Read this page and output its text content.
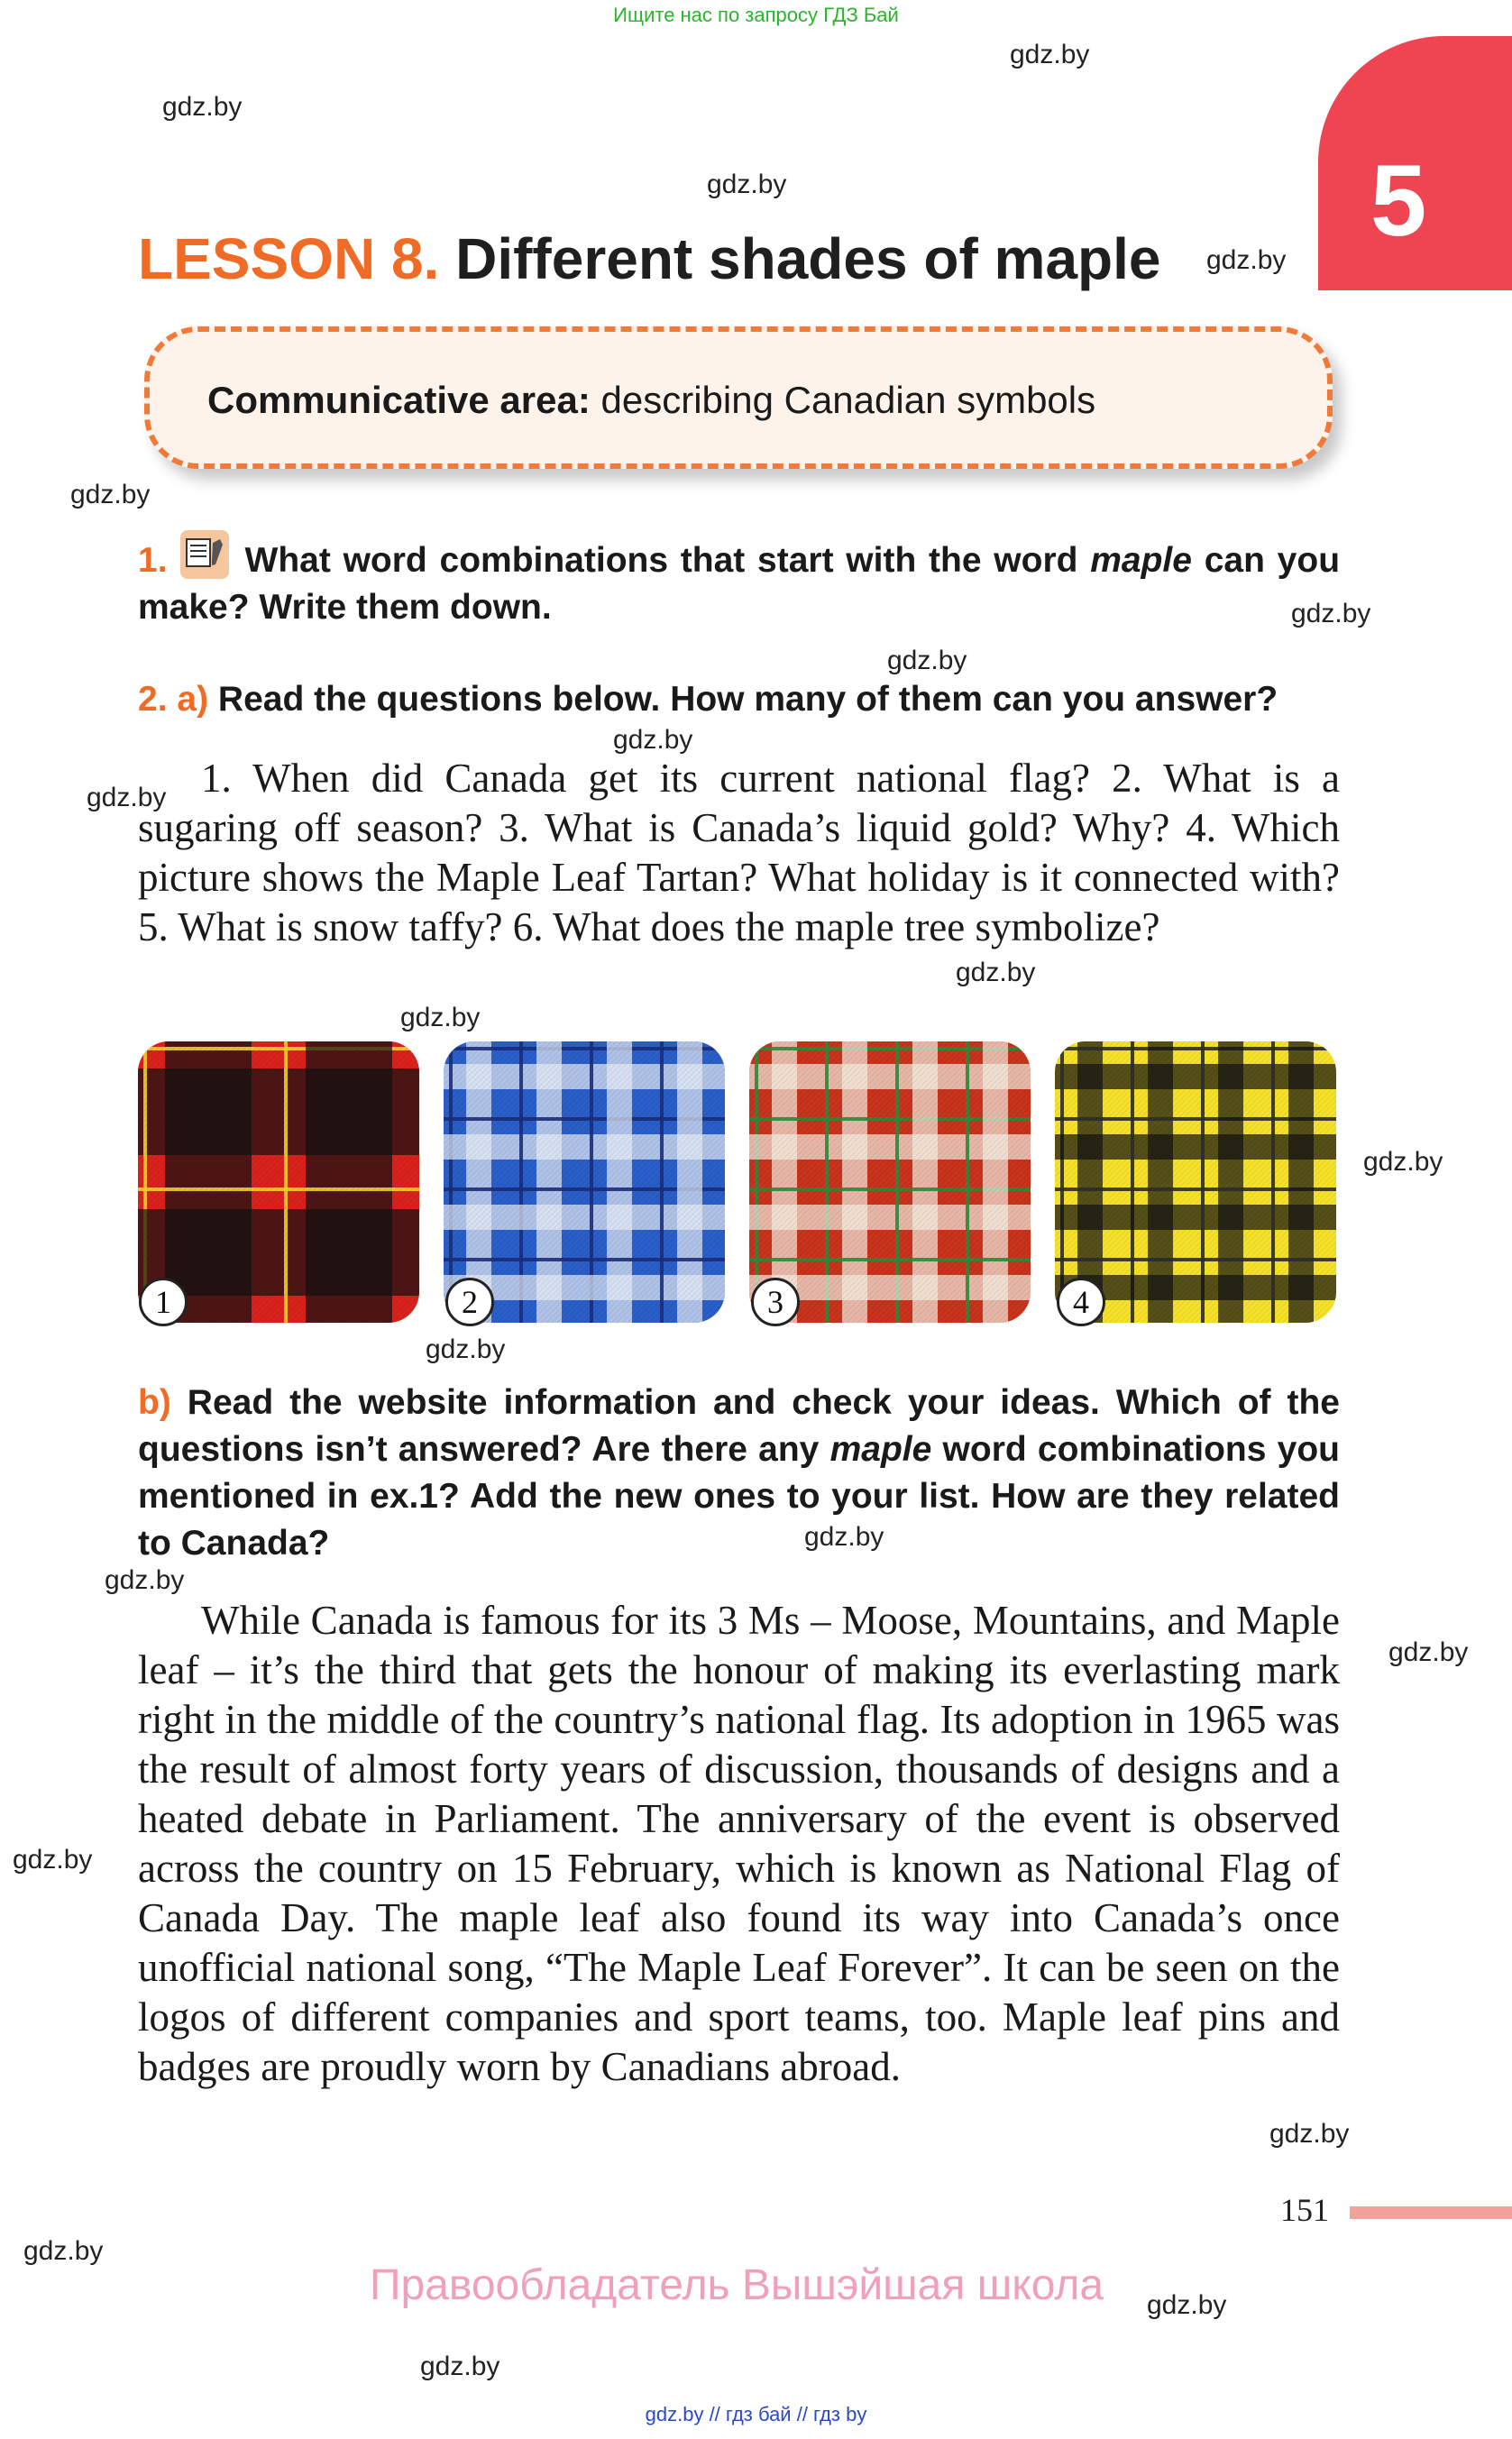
Ищите нас по запросу ГДЗ Бай
5
gdz.by
gdz.by
gdz.by
gdz.by
gdz.by
gdz.by
gdz.by
gdz.by
gdz.by
gdz.by
gdz.by
gdz.by
gdz.by
gdz.by
gdz.by
gdz.by
gdz.by
gdz.by
gdz.by
gdz.by
gdz.by
LESSON 8. Different shades of maple
Communicative area: describing Canadian symbols
1. What word combinations that start with the word maple can you make? Write them down.
2. a) Read the questions below. How many of them can you answer?
1. When did Canada get its current national flag? 2. What is a sugaring off season? 3. What is Canada’s liquid gold? Why? 4. Which picture shows the Maple Leaf Tartan? What holiday is it connected with? 5. What is snow taffy? 6. What does the maple tree symbolize?
1	2	3	4
b) Read the website information and check your ideas. Which of the questions isn’t answered? Are there any maple word combinations you mentioned in ex.1? Add the new ones to your list. How are they related to Canada?
While Canada is famous for its 3 Ms – Moose, Mountains, and Maple leaf – it’s the third that gets the honour of making its everlasting mark right in the middle of the country’s national flag. Its adoption in 1965 was the result of almost forty years of discussion, thousands of designs and a heated debate in Parliament. The anniversary of the event is observed across the country on 15 February, which is known as National Flag of Canada Day. The maple leaf also found its way into Canada’s once unofficial national song, “The Maple Leaf Forever”. It can be seen on the logos of different companies and sport teams, too. Maple leaf pins and badges are proudly worn by Canadians abroad.
151
Правообладатель Вышэйшая школа
gdz.by // гдз бай // гдз by
